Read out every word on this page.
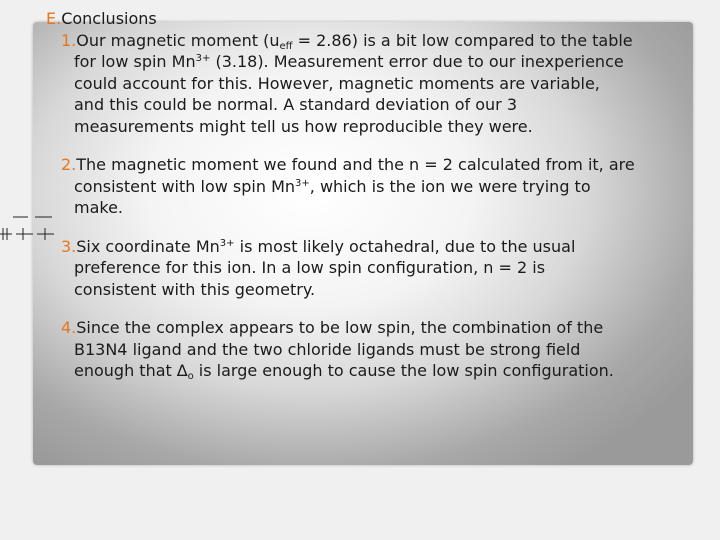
E.Conclusions
1.Our magnetic moment $(u_{eff} = 2.86)$ is a bit low compared to the table
for low spin $Mn^{3+}$ (3.18). Measurement error due to our inexperience
could account for this. However, magnetic moments are variable,
and this could be normal. A standard deviation of our 3
measurements might tell us how reproducible they were.
2.The magnetic moment we found and the n = 2 calculated from it, are
consistent with low spin $Mn^{3+}$, which is the ion we were trying to
make.
3.Six coordinate $Mn^{3+}$ is most likely octahedral, due to the usual
preference for this ion. In a low spin configuration, n = 2 is
consistent with this geometry.
4.Since the complex appears to be low spin, the combination of the
B13N4 ligand and the two chloride ligands must be strong field
enough that $\Delta_o$ is large enough to cause the low spin configuration.
